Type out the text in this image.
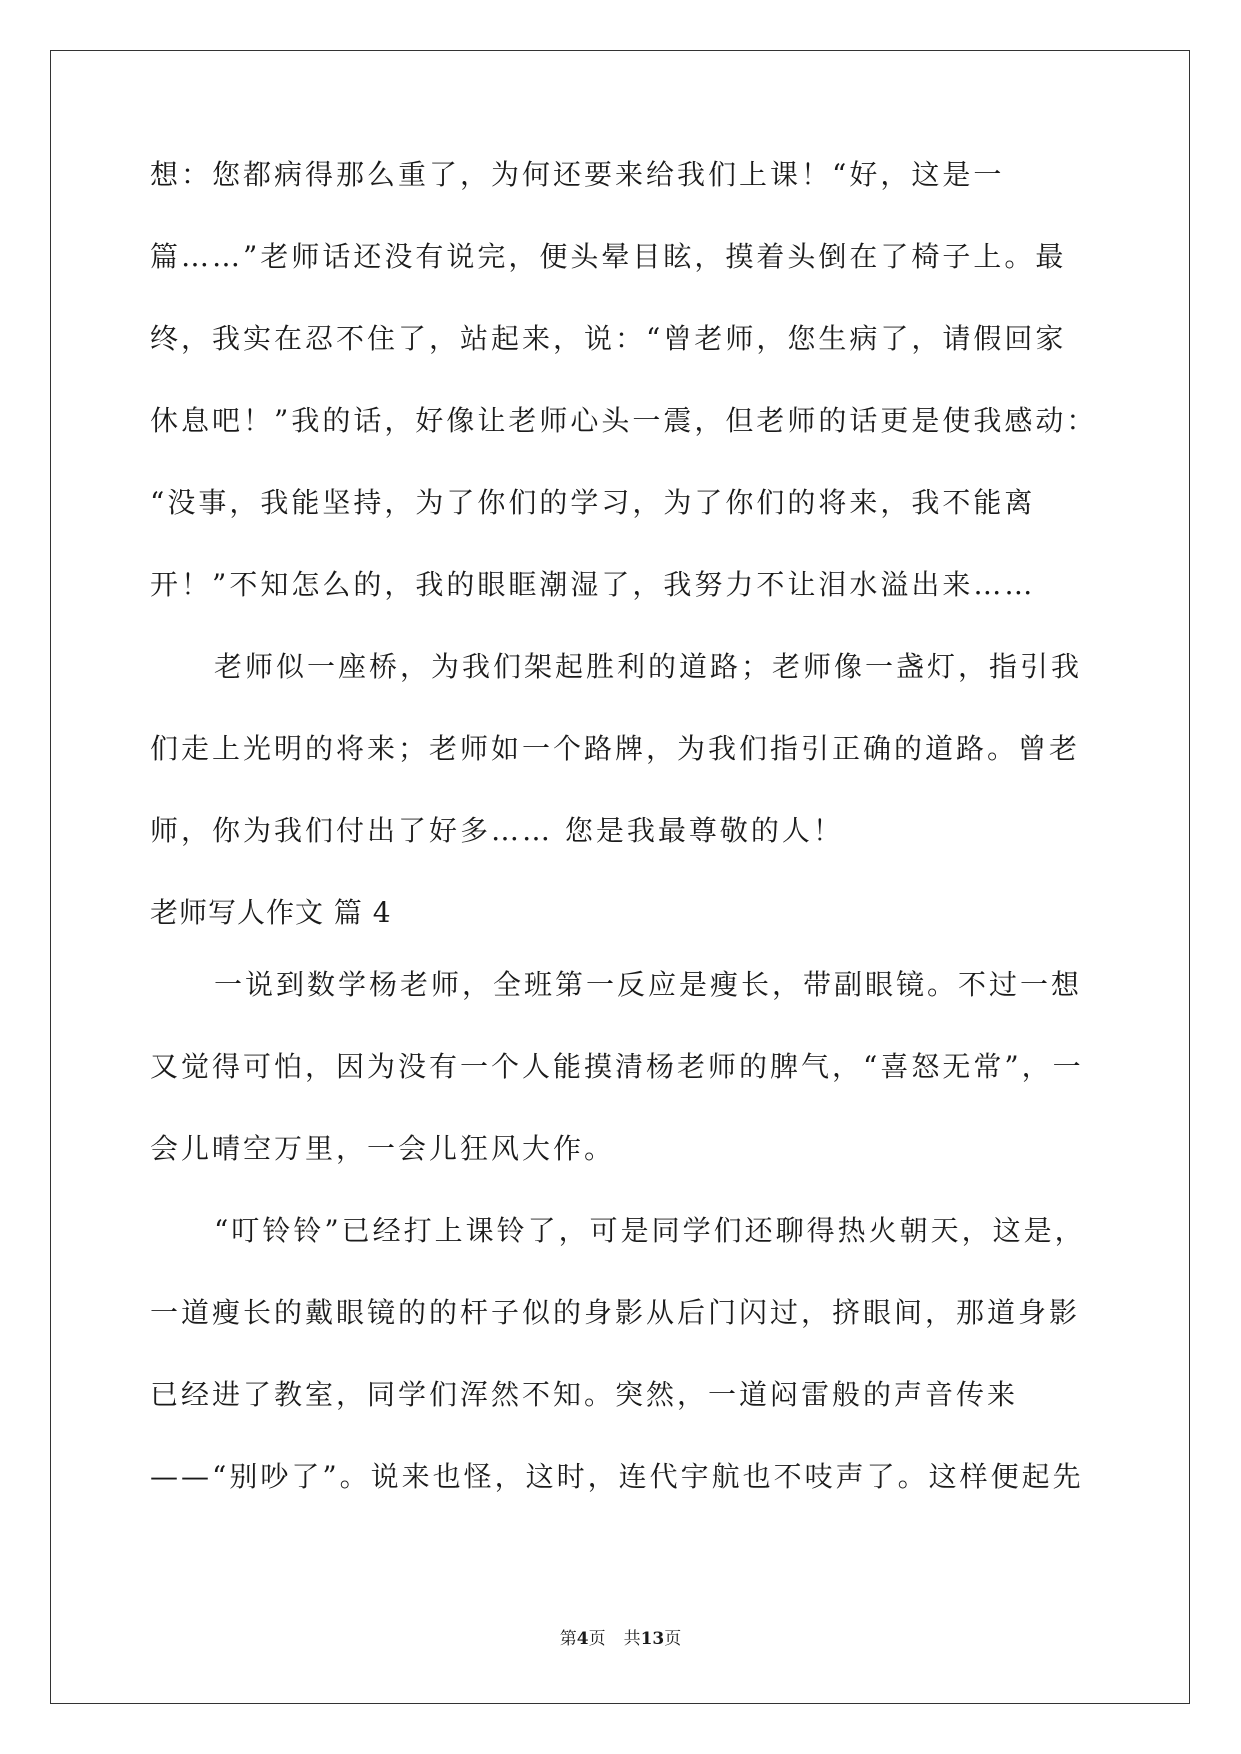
想：您都病得那么重了，为何还要来给我们上课！“好，这是一
篇……”老师话还没有说完，便头晕目眩，摸着头倒在了椅子上。最
终，我实在忍不住了，站起来，说：“曾老师，您生病了，请假回家
休息吧！”我的话，好像让老师心头一震，但老师的话更是使我感动：
“没事，我能坚持，为了你们的学习，为了你们的将来，我不能离
开！”不知怎么的，我的眼眶潮湿了，我努力不让泪水溢出来……
老师似一座桥，为我们架起胜利的道路；老师像一盏灯，指引我
们走上光明的将来；老师如一个路牌，为我们指引正确的道路。曾老
师，你为我们付出了好多…… 您是我最尊敬的人！
老师写人作文 篇 4
一说到数学杨老师，全班第一反应是瘦长，带副眼镜。不过一想
又觉得可怕，因为没有一个人能摸清杨老师的脾气，“喜怒无常”，一
会儿晴空万里，一会儿狂风大作。
“叮铃铃”已经打上课铃了，可是同学们还聊得热火朝天，这是，
一道瘦长的戴眼镜的的杆子似的身影从后门闪过，挤眼间，那道身影
已经进了教室，同学们浑然不知。突然，一道闷雷般的声音传来
——“别吵了”。说来也怪，这时，连代宇航也不吱声了。这样便起先
第4页 共13页
